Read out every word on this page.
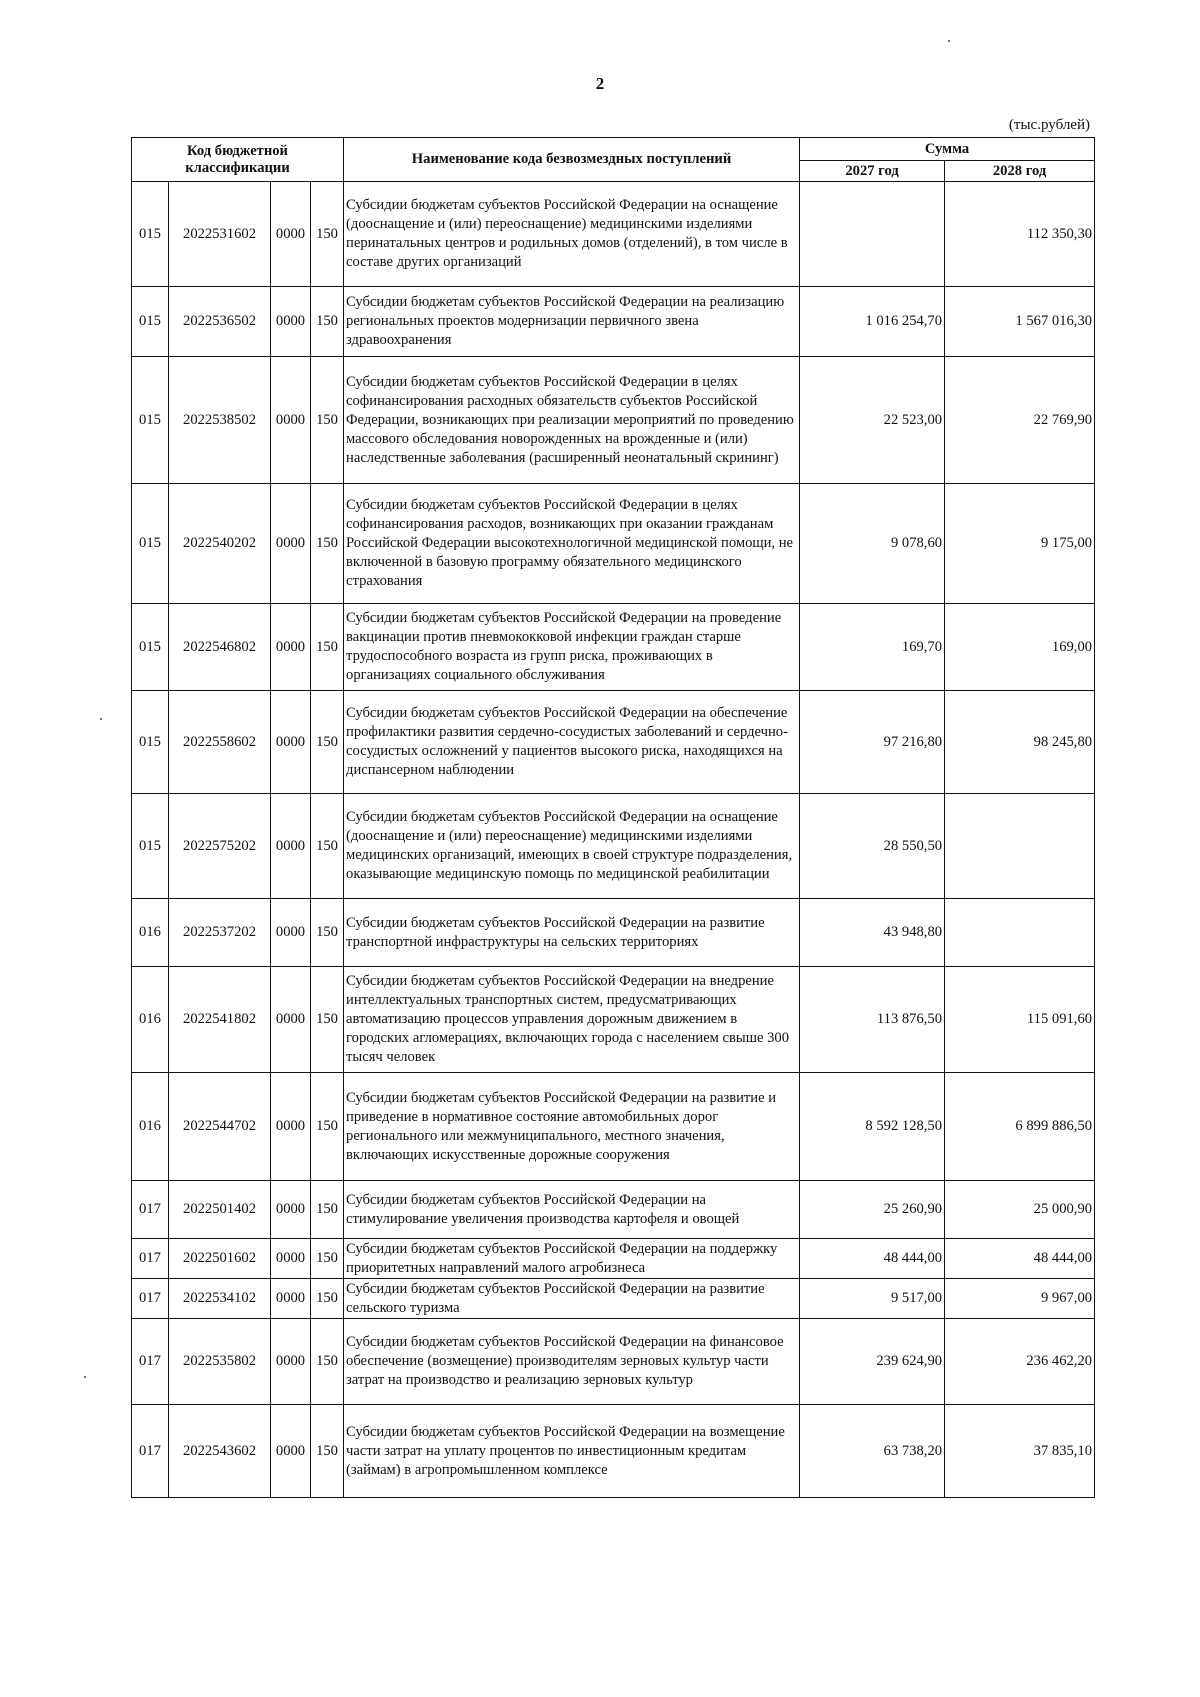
2
(тыс.рублей)
Код бюджетной классификации				Наименование кода безвозмездных поступлений	Сумма	
					2027 год	2028 год
015	2022531602	0000	150	Субсидии бюджетам субъектов Российской Федерации на оснащение (дооснащение и (или) переоснащение) медицинскими изделиями перинатальных центров и родильных домов (отделений), в том числе в составе других организаций		112 350,30
015	2022536502	0000	150	Субсидии бюджетам субъектов Российской Федерации на реализацию региональных проектов модернизации первичного звена здравоохранения	1 016 254,70	1 567 016,30
015	2022538502	0000	150	Субсидии бюджетам субъектов Российской Федерации в целях софинансирования расходных обязательств субъектов Российской Федерации, возникающих при реализации мероприятий по проведению массового обследования новорожденных на врожденные и (или) наследственные заболевания (расширенный неонатальный скрининг)	22 523,00	22 769,90
015	2022540202	0000	150	Субсидии бюджетам субъектов Российской Федерации в целях софинансирования расходов, возникающих при оказании гражданам Российской Федерации высокотехнологичной медицинской помощи, не включенной в базовую программу обязательного медицинского страхования	9 078,60	9 175,00
015	2022546802	0000	150	Субсидии бюджетам субъектов Российской Федерации на проведение вакцинации против пневмококковой инфекции граждан старше трудоспособного возраста из групп риска, проживающих в организациях социального обслуживания	169,70	169,00
015	2022558602	0000	150	Субсидии бюджетам субъектов Российской Федерации на обеспечение профилактики развития сердечно-сосудистых заболеваний и сердечно-сосудистых осложнений у пациентов высокого риска, находящихся на диспансерном наблюдении	97 216,80	98 245,80
015	2022575202	0000	150	Субсидии бюджетам субъектов Российской Федерации на оснащение (дооснащение и (или) переоснащение) медицинскими изделиями медицинских организаций, имеющих в своей структуре подразделения, оказывающие медицинскую помощь по медицинской реабилитации	28 550,50	
016	2022537202	0000	150	Субсидии бюджетам субъектов Российской Федерации на развитие транспортной инфраструктуры на сельских территориях	43 948,80	
016	2022541802	0000	150	Субсидии бюджетам субъектов Российской Федерации на внедрение интеллектуальных транспортных систем, предусматривающих автоматизацию процессов управления дорожным движением в городских агломерациях, включающих города с населением свыше 300 тысяч человек	113 876,50	115 091,60
016	2022544702	0000	150	Субсидии бюджетам субъектов Российской Федерации на развитие и приведение в нормативное состояние автомобильных дорог регионального или межмуниципального, местного значения, включающих искусственные дорожные сооружения	8 592 128,50	6 899 886,50
017	2022501402	0000	150	Субсидии бюджетам субъектов Российской Федерации на стимулирование увеличения производства картофеля и овощей	25 260,90	25 000,90
017	2022501602	0000	150	Субсидии бюджетам субъектов Российской Федерации на поддержку приоритетных направлений малого агробизнеса	48 444,00	48 444,00
017	2022534102	0000	150	Субсидии бюджетам субъектов Российской Федерации на развитие сельского туризма	9 517,00	9 967,00
017	2022535802	0000	150	Субсидии бюджетам субъектов Российской Федерации на финансовое обеспечение (возмещение) производителям зерновых культур части затрат на производство и реализацию зерновых культур	239 624,90	236 462,20
017	2022543602	0000	150	Субсидии бюджетам субъектов Российской Федерации на возмещение части затрат на уплату процентов по инвестиционным кредитам (займам) в агропромышленном комплексе	63 738,20	37 835,10
